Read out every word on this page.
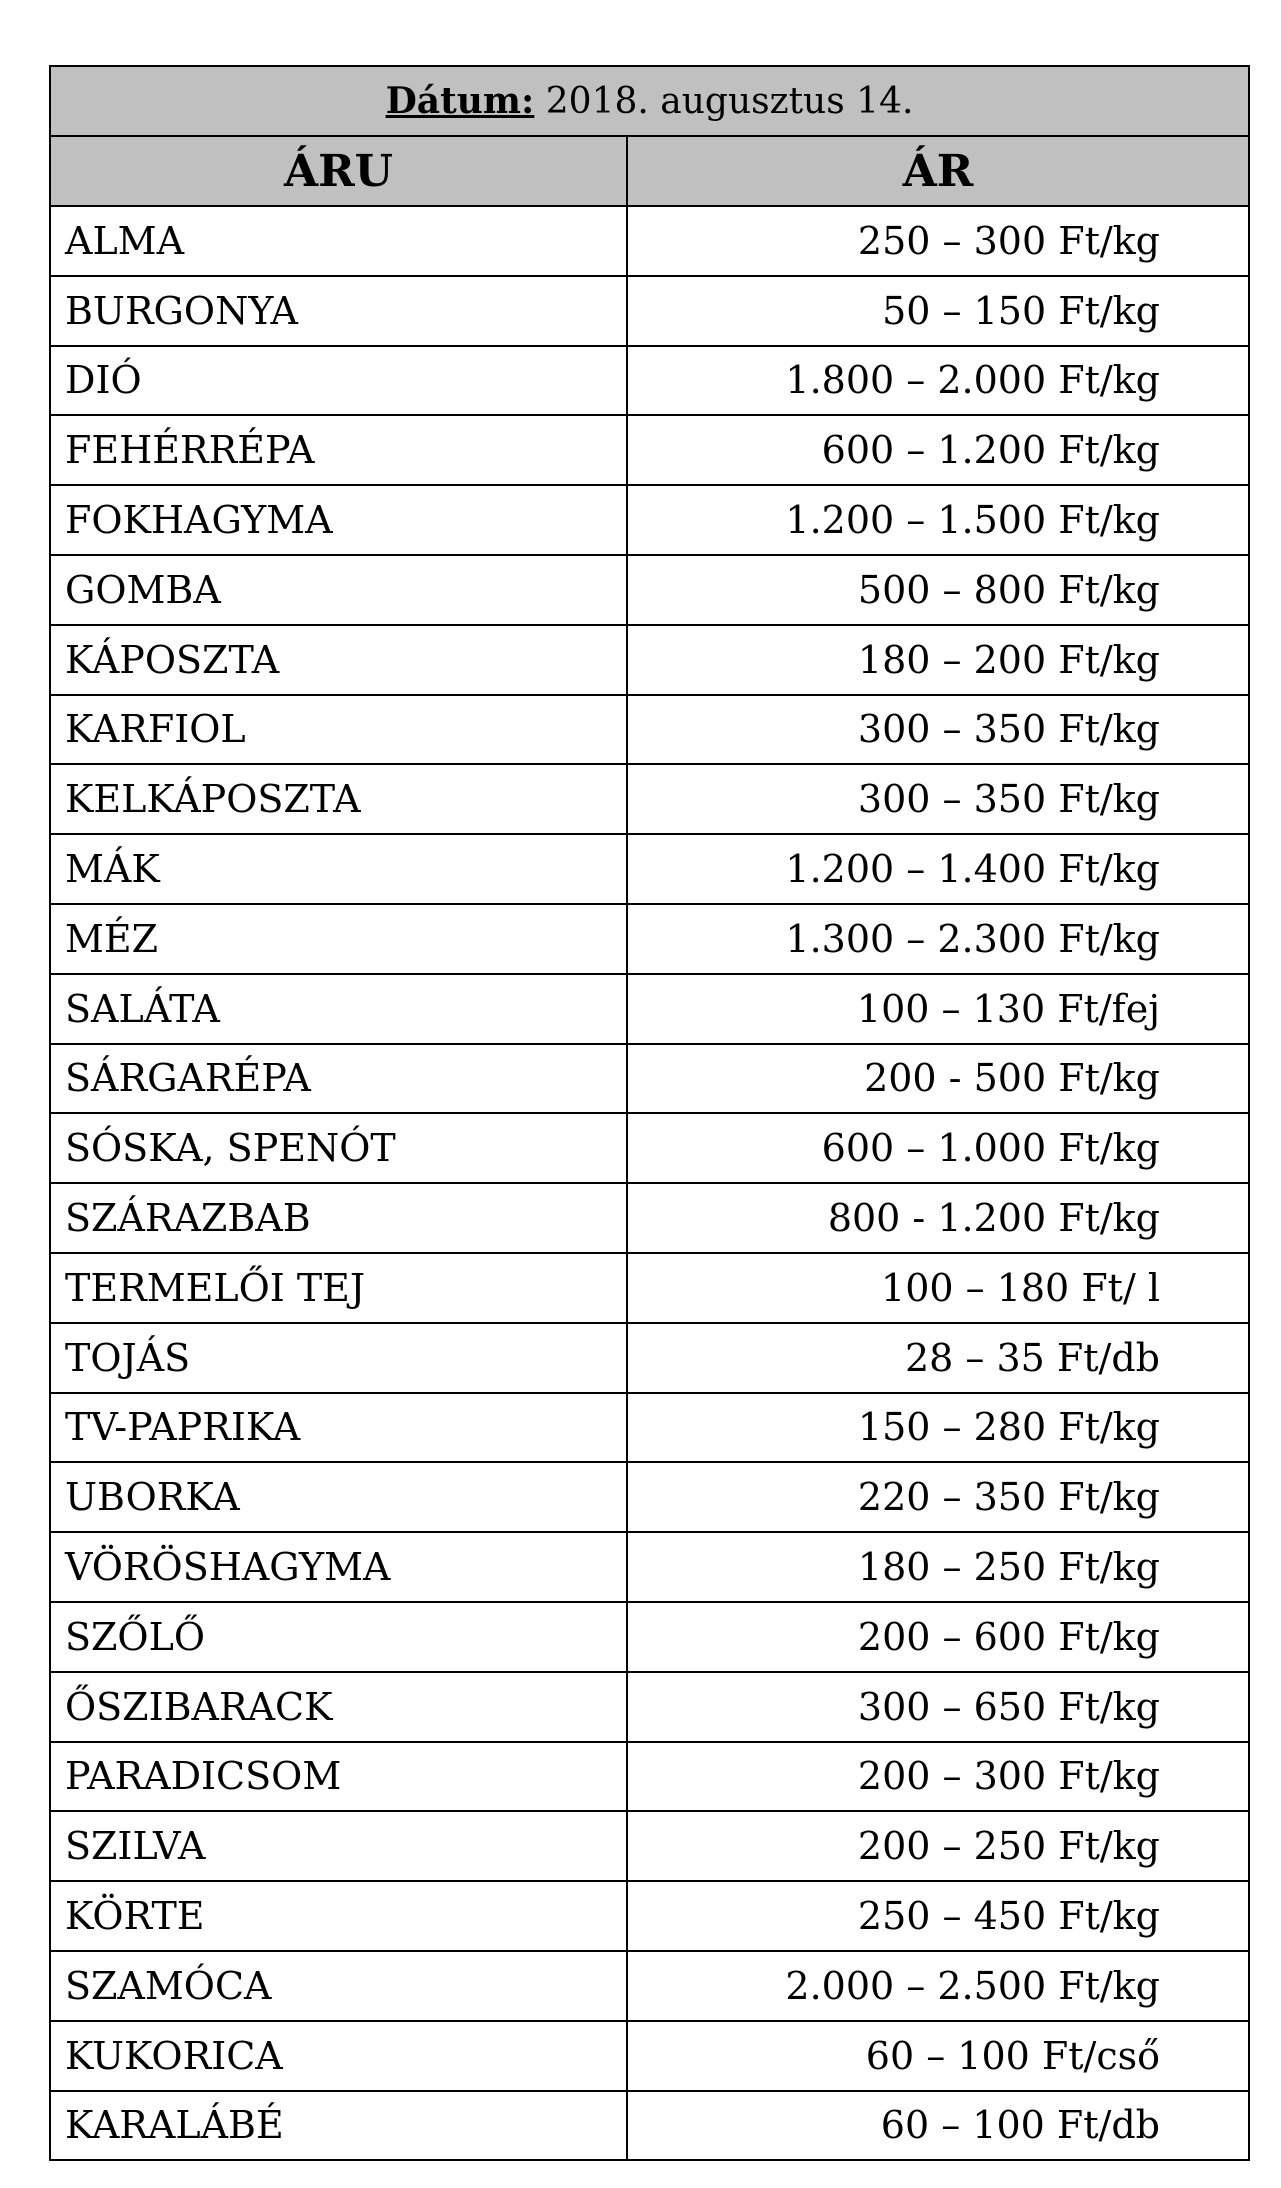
Dátum: 2018. augusztus 14.	
ÁRU	ÁR
ALMA	250 – 300 Ft/kg
BURGONYA	50 – 150 Ft/kg
DIÓ	1.800 – 2.000 Ft/kg
FEHÉRRÉPA	600 – 1.200 Ft/kg
FOKHAGYMA	1.200 – 1.500 Ft/kg
GOMBA	500 – 800 Ft/kg
KÁPOSZTA	180 – 200 Ft/kg
KARFIOL	300 – 350 Ft/kg
KELKÁPOSZTA	300 – 350 Ft/kg
MÁK	1.200 – 1.400 Ft/kg
MÉZ	1.300 – 2.300 Ft/kg
SALÁTA	100 – 130 Ft/fej
SÁRGARÉPA	200 - 500 Ft/kg
SÓSKA, SPENÓT	600 – 1.000 Ft/kg
SZÁRAZBAB	800 - 1.200 Ft/kg
TERMELŐI TEJ	100 – 180 Ft/ l
TOJÁS	28 – 35 Ft/db
TV-PAPRIKA	150 – 280 Ft/kg
UBORKA	220 – 350 Ft/kg
VÖRÖSHAGYMA	180 – 250 Ft/kg
SZŐLŐ	200 – 600 Ft/kg
ŐSZIBARACK	300 – 650 Ft/kg
PARADICSOM	200 – 300 Ft/kg
SZILVA	200 – 250 Ft/kg
KÖRTE	250 – 450 Ft/kg
SZAMÓCA	2.000 – 2.500 Ft/kg
KUKORICA	60 – 100 Ft/cső
KARALÁBÉ	60 – 100 Ft/db
